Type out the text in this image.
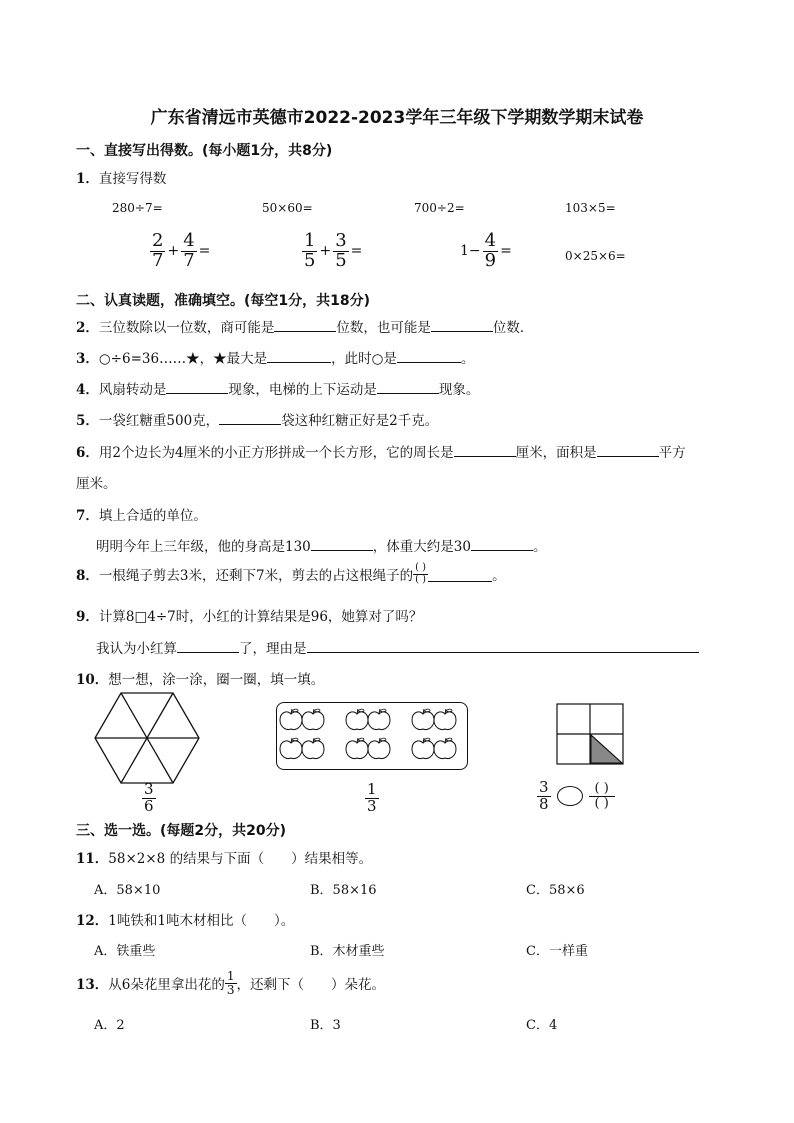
广东省清远市英德市2022-2023学年三年级下学期数学期末试卷
一、直接写出得数。(每小题1分，共8分)
1．直接写得数
280÷7=	50×60=	700÷2=	103×5=
$\frac{2}{7} + \frac{4}{7}$ =	$\frac{1}{5} + \frac{3}{5}$ =	$1- \frac{4}{9}$ =	0×25×6=
二、认真读题，准确填空。(每空1分，共18分)
2．三位数除以一位数，商可能是	位数，也可能是	位数．
3．○÷6=36……★，★最大是	，此时○是	。
4．风扇转动是	现象，电梯的上下运动是	现象。
5．一袋红糖重500克，	袋这种红糖正好是2千克。
6．用2个边长为4厘米的小正方形拼成一个长方形，它的周长是	厘米，面积是	平方
厘米。
7．填上合适的单位。
明明今年上三年级，他的身高是130	，体重大约是30	。
8． 一根绳子剪去3米，还剩下7米，剪去的占这根绳子的 $\frac{( )}{( )}$	。
9．计算8□4÷7时，小红的计算结果是96，她算对了吗？
我认为小红算	了，理由是
10．想一想，涂一涂，圈一圈，填一填。
$\frac{3}{6}$	$\frac{1}{3}$	$\frac{3}{8}$	$\frac{( )}{( )}$
三、选一选。(每题2分，共20分)
11．58×2×8 的结果与下面（　　）结果相等。
A．58×10	B．58×16	C．58×6
12．1吨铁和1吨木材相比（　　）。
A．铁重些	B．木材重些	C．一样重
13． 从6朵花里拿出花的 $\frac{1}{3}$ ，还剩下（　　）朵花。
A．2	B．3	C．4
